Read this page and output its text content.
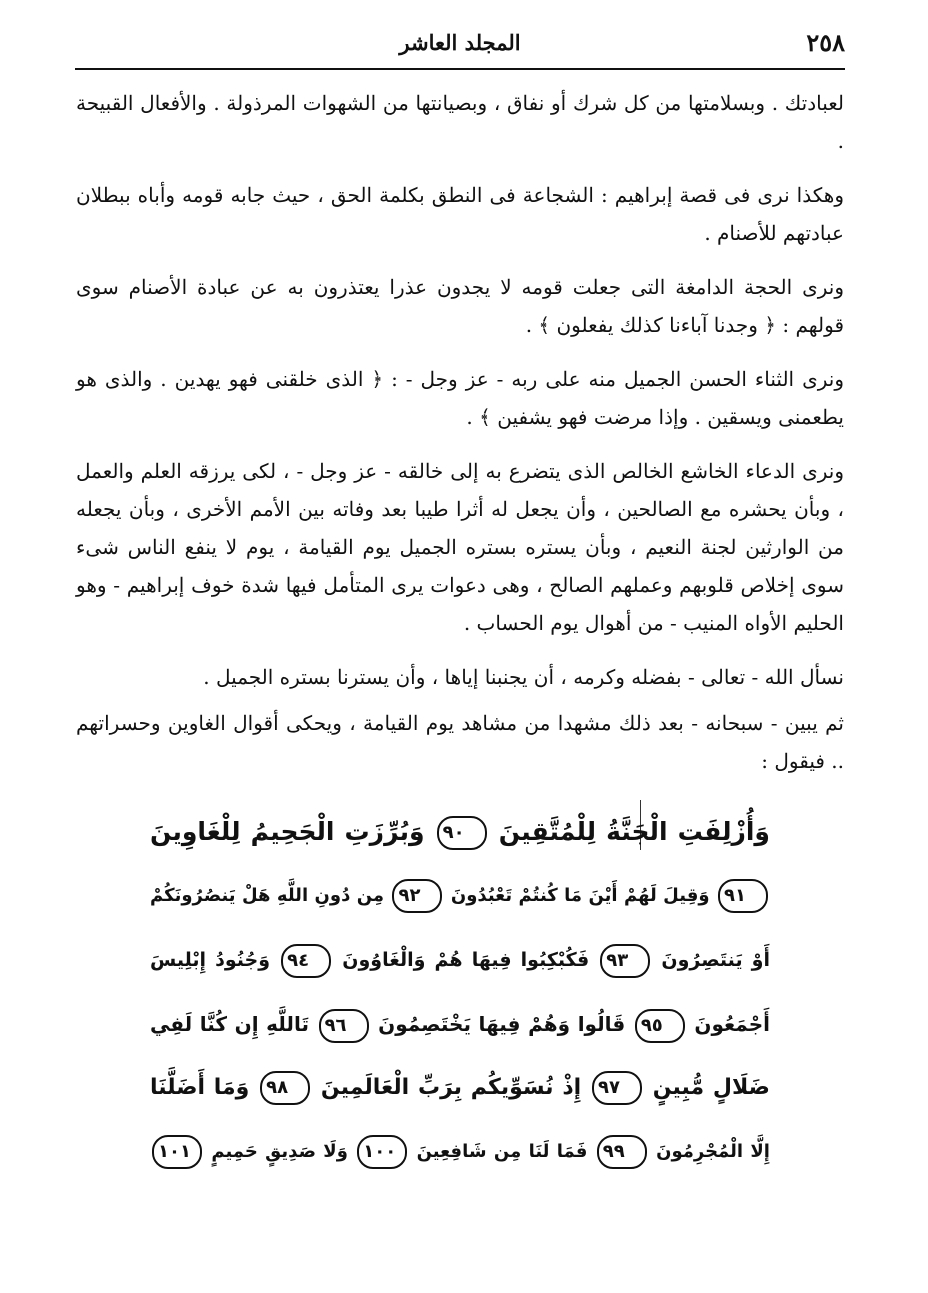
٢٥٨
المجلد العاشر

لعبادتك . وبسلامتها من كل شرك أو نفاق ، وبصيانتها من الشهوات المرذولة . والأفعال القبيحة .

وهكذا نرى فى قصة إبراهيم : الشجاعة فى النطق بكلمة الحق ، حيث جابه قومه وأباه ببطلان عبادتهم للأصنام .

ونرى الحجة الدامغة التى جعلت قومه لا يجدون عذرا يعتذرون به عن عبادة الأصنام سوى قولهم : ﴿ وجدنا آباءنا كذلك يفعلون ﴾ .

ونرى الثناء الحسن الجميل منه على ربه - عز وجل - : ﴿ الذى خلقنى فهو يهدين . والذى هو يطعمنى ويسقين . وإذا مرضت فهو يشفين ﴾ .

ونرى الدعاء الخاشع الخالص الذى يتضرع به إلى خالقه - عز وجل - ، لكى يرزقه العلم والعمل ، وبأن يحشره مع الصالحين ، وأن يجعل له أثرا طيبا بعد وفاته بين الأمم الأخرى ، وبأن يجعله من الوارثين لجنة النعيم ، وبأن يستره بستره الجميل يوم القيامة ، يوم لا ينفع الناس شىء سوى إخلاص قلوبهم وعملهم الصالح ، وهى دعوات يرى المتأمل فيها شدة خوف إبراهيم - وهو الحليم الأواه المنيب - من أهوال يوم الحساب .

نسأل الله - تعالى - بفضله وكرمه ، أن يجنبنا إياها ، وأن يسترنا بستره الجميل .

ثم يبين - سبحانه - بعد ذلك مشهدا من مشاهد يوم القيامة ، ويحكى أقوال الغاوين وحسراتهم .. فيقول :

وَأُزْلِفَتِ الْجَنَّةُ لِلْمُتَّقِينَ ٩٠ وَبُرِّزَتِ الْجَحِيمُ لِلْغَاوِينَ
٩١ وَقِيلَ لَهُمْ أَيْنَ مَا كُنتُمْ تَعْبُدُونَ ٩٢ مِن دُونِ اللَّهِ هَلْ يَنصُرُونَكُمْ
أَوْ يَنتَصِرُونَ ٩٣ فَكُبْكِبُوا فِيهَا هُمْ وَالْغَاوُونَ ٩٤ وَجُنُودُ إِبْلِيسَ
أَجْمَعُونَ ٩٥ قَالُوا وَهُمْ فِيهَا يَخْتَصِمُونَ ٩٦ تَاللَّهِ إِن كُنَّا لَفِي
ضَلَالٍ مُّبِينٍ ٩٧ إِذْ نُسَوِّيكُم بِرَبِّ الْعَالَمِينَ ٩٨ وَمَا أَضَلَّنَا
إِلَّا الْمُجْرِمُونَ ٩٩ فَمَا لَنَا مِن شَافِعِينَ ١٠٠ وَلَا صَدِيقٍ حَمِيمٍ ١٠١
